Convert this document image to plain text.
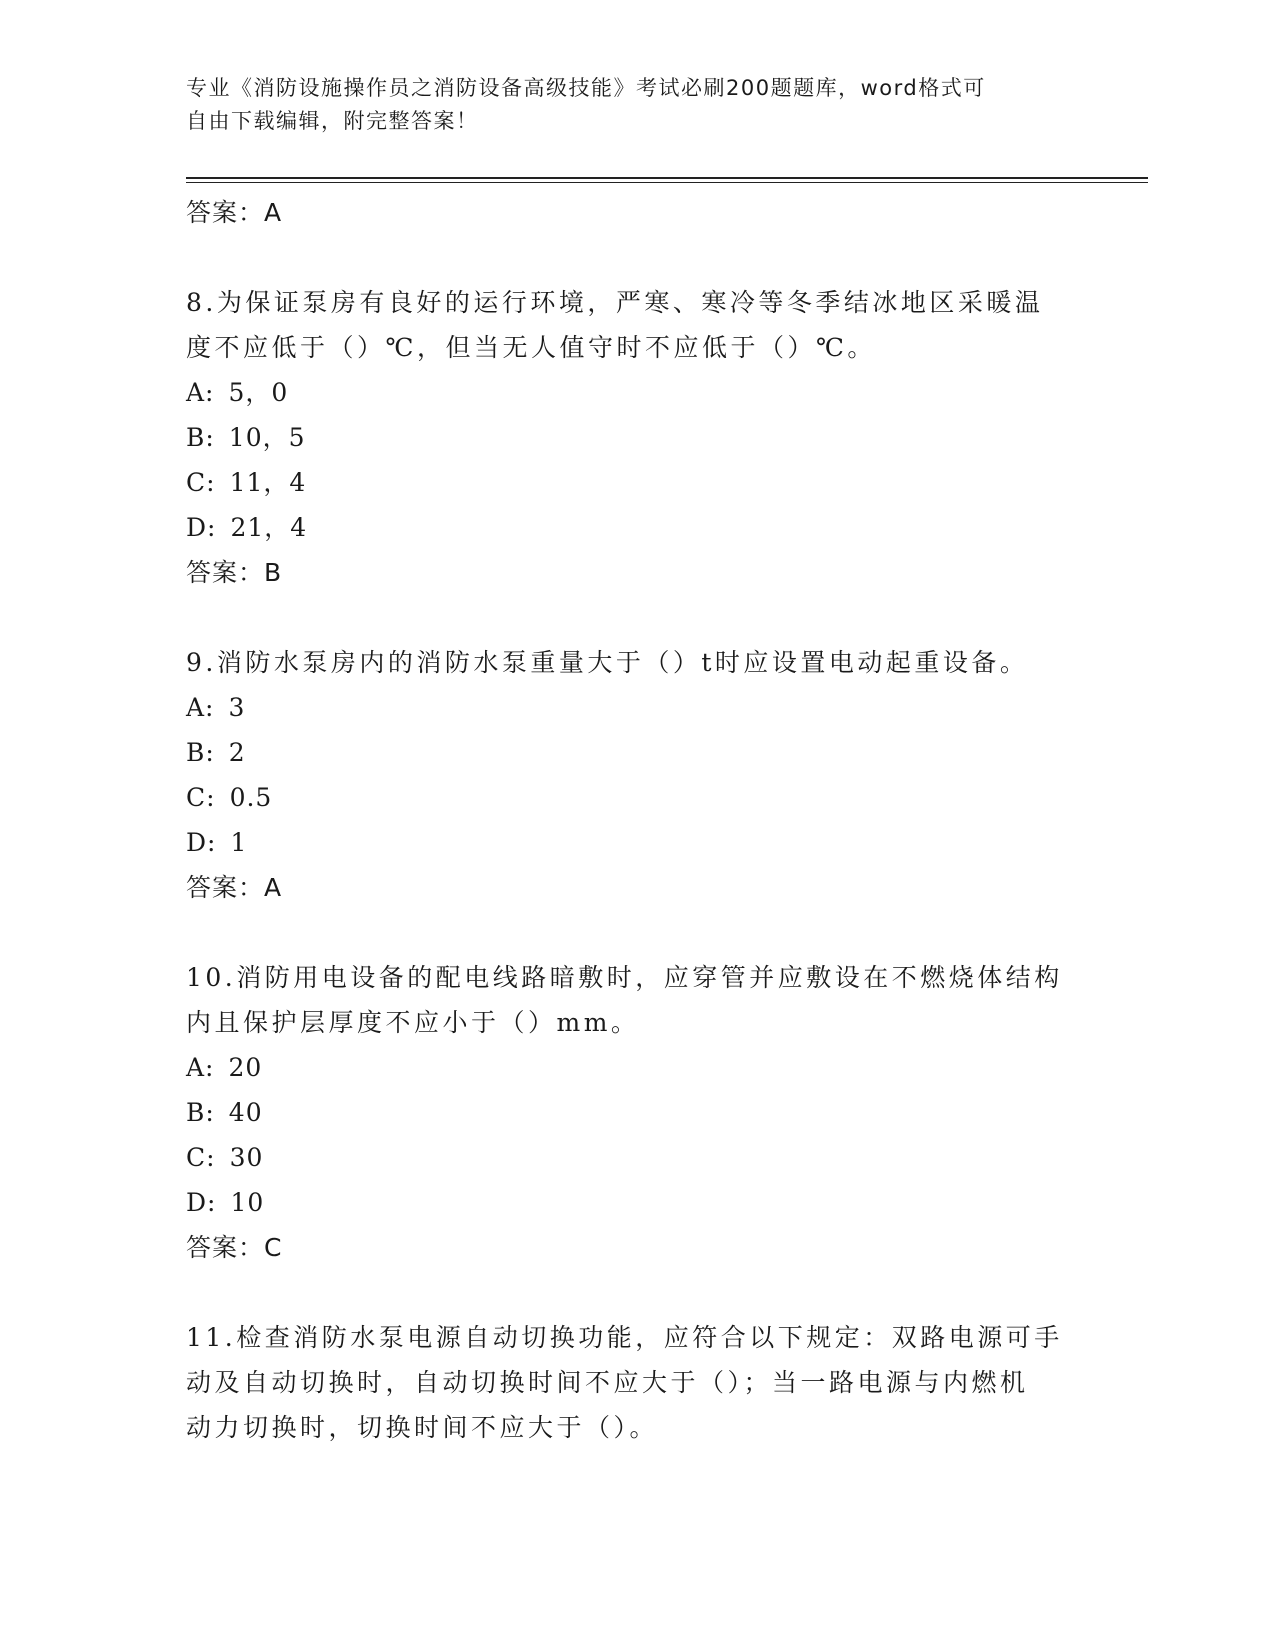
专业《消防设施操作员之消防设备高级技能》考试必刷200题题库，word格式可
自由下载编辑，附完整答案！
答案：A
8.为保证泵房有良好的运行环境，严寒、寒冷等冬季结冰地区采暖温
度不应低于（）℃，但当无人值守时不应低于（）℃。
A: 5，0
B: 10，5
C: 11，4
D: 21，4
答案：B
9.消防水泵房内的消防水泵重量大于（）t时应设置电动起重设备。
A: 3
B: 2
C: 0.5
D: 1
答案：A
10.消防用电设备的配电线路暗敷时，应穿管并应敷设在不燃烧体结构
内且保护层厚度不应小于（）mm。
A: 20
B: 40
C: 30
D: 10
答案：C
11.检查消防水泵电源自动切换功能，应符合以下规定：双路电源可手
动及自动切换时，自动切换时间不应大于（）；当一路电源与内燃机
动力切换时，切换时间不应大于（）。
